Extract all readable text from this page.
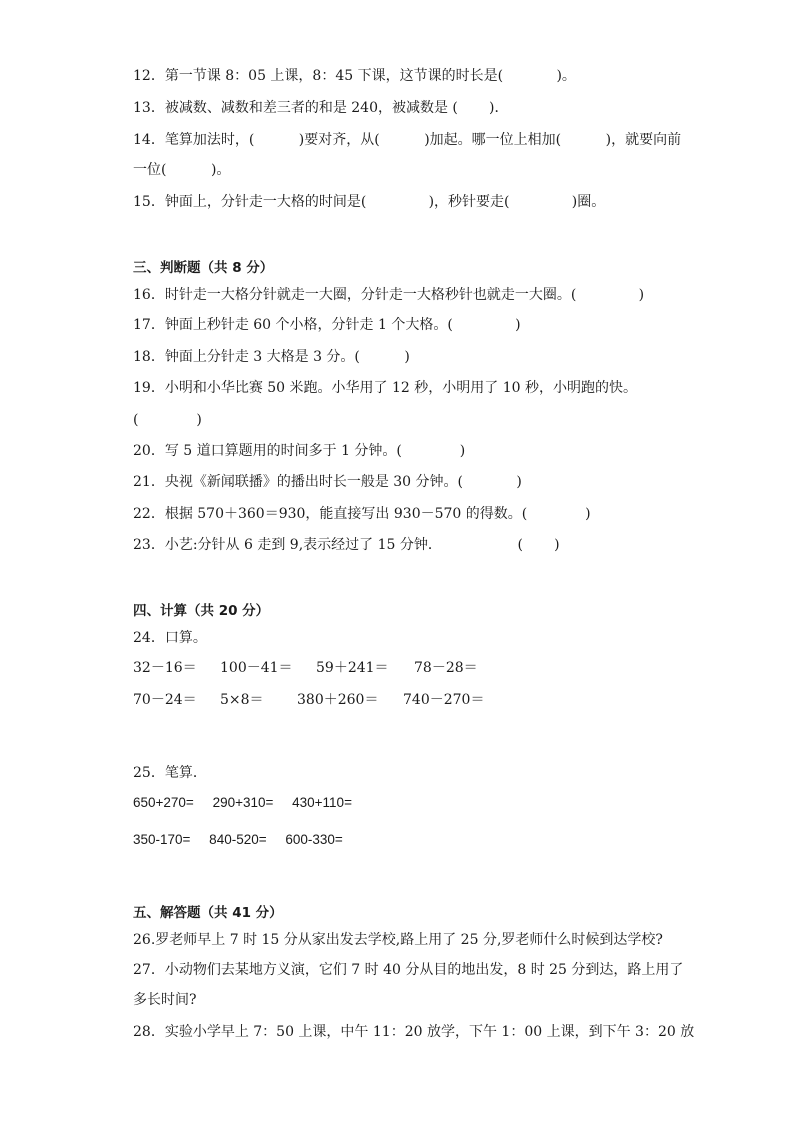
12．第一节课 8：05 上课，8：45 下课，这节课的时长是(            )。
13．被减数、减数和差三者的和是 240，被减数是 (       )．
14．笔算加法时，(          )要对齐，从(          )加起。哪一位上相加(          )，就要向前
一位(          )。
15．钟面上，分针走一大格的时间是(              )，秒针要走(              )圈。
三、判断题（共 8 分）
16．时针走一大格分针就走一大圈，分针走一大格秒针也就走一大圈。(              )
17．钟面上秒针走 60 个小格，分针走 1 个大格。(              )
18．钟面上分针走 3 大格是 3 分。(          )
19．小明和小华比赛 50 米跑。小华用了 12 秒，小明用了 10 秒，小明跑的快。
(             )
20．写 5 道口算题用的时间多于 1 分钟。(             )
21．央视《新闻联播》的播出时长一般是 30 分钟。(            )
22．根据 570＋360＝930，能直接写出 930－570 的得数。(             )
23．小艺:分针从 6 走到 9,表示经过了 15 分钟．                 (       )
四、计算（共 20 分）
24．口算。
32－16＝ 100－41＝ 59＋241＝ 78－28＝
70－24＝ 5×8＝ 380＋260＝ 740－270＝
25．笔算．
650+270=     290+310=     430+110=
350-170=     840-520=     600-330=
五、解答题（共 41 分）
26.罗老师早上 7 时 15 分从家出发去学校,路上用了 25 分,罗老师什么时候到达学校?
27．小动物们去某地方义演，它们 7 时 40 分从目的地出发，8 时 25 分到达，路上用了
多长时间?
28．实验小学早上 7：50 上课，中午 11：20 放学，下午 1：00 上课，到下午 3：20 放
